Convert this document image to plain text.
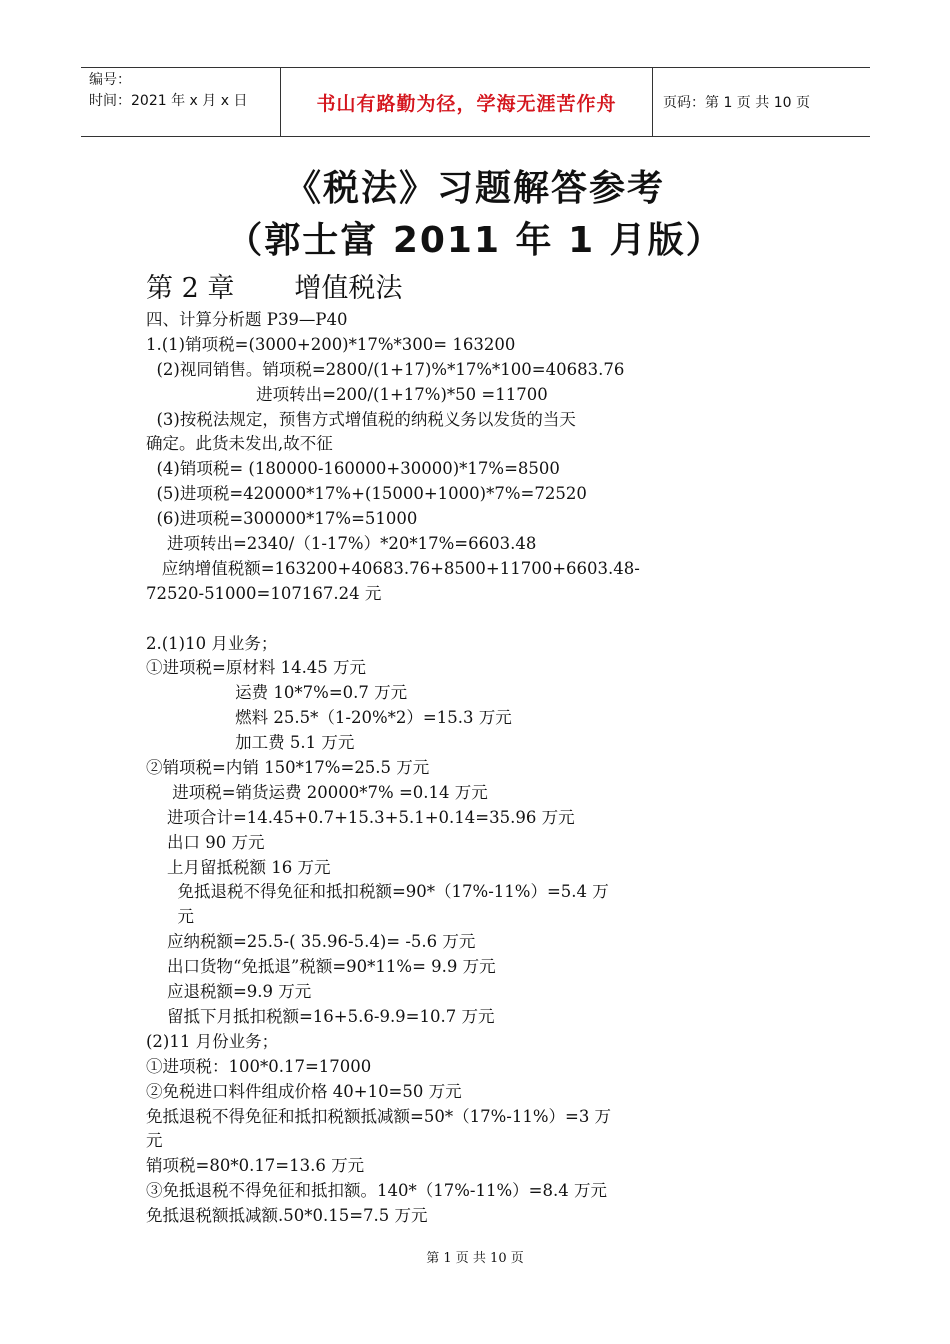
编号：
时间：2021 年 x 月 x 日	书山有路勤为径，学海无涯苦作舟	页码：第 1 页 共 10 页
《税法》习题解答参考
（郭士富 2011 年 1 月版）
第 2 章 增值税法
四、计算分析题 P39—P40
1.(1)销项税=(3000+200)*17%*300= 163200
(2)视同销售。销项税=2800/(1+17)%*17%*100=40683.76
进项转出=200/(1+17%)*50 =11700
(3)按税法规定，预售方式增值税的纳税义务以发货的当天
确定。此货未发出,故不征
(4)销项税= (180000-160000+30000)*17%=8500
(5)进项税=420000*17%+(15000+1000)*7%=72520
(6)进项税=300000*17%=51000
进项转出=2340/（1-17%）*20*17%=6603.48
应纳增值税额=163200+40683.76+8500+11700+6603.48-
72520-51000=107167.24 元
2.(1)10 月业务；
①进项税=原材料 14.45 万元
运费 10*7%=0.7 万元
燃料 25.5*（1-20%*2）=15.3 万元
加工费 5.1 万元
②销项税=内销 150*17%=25.5 万元
进项税=销货运费 20000*7% =0.14 万元
进项合计=14.45+0.7+15.3+5.1+0.14=35.96 万元
出口 90 万元
上月留抵税额 16 万元
免抵退税不得免征和抵扣税额=90*（17%-11%）=5.4 万
元
应纳税额=25.5-( 35.96-5.4)= -5.6 万元
出口货物“免抵退”税额=90*11%= 9.9 万元
应退税额=9.9 万元
留抵下月抵扣税额=16+5.6-9.9=10.7 万元
(2)11 月份业务；
①进项税：100*0.17=17000
②免税进口料件组成价格 40+10=50 万元
免抵退税不得免征和抵扣税额抵减额=50*（17%-11%）=3 万
元
销项税=80*0.17=13.6 万元
③免抵退税不得免征和抵扣额。140*（17%-11%）=8.4 万元
免抵退税额抵减额.50*0.15=7.5 万元
第 1 页 共 10 页
